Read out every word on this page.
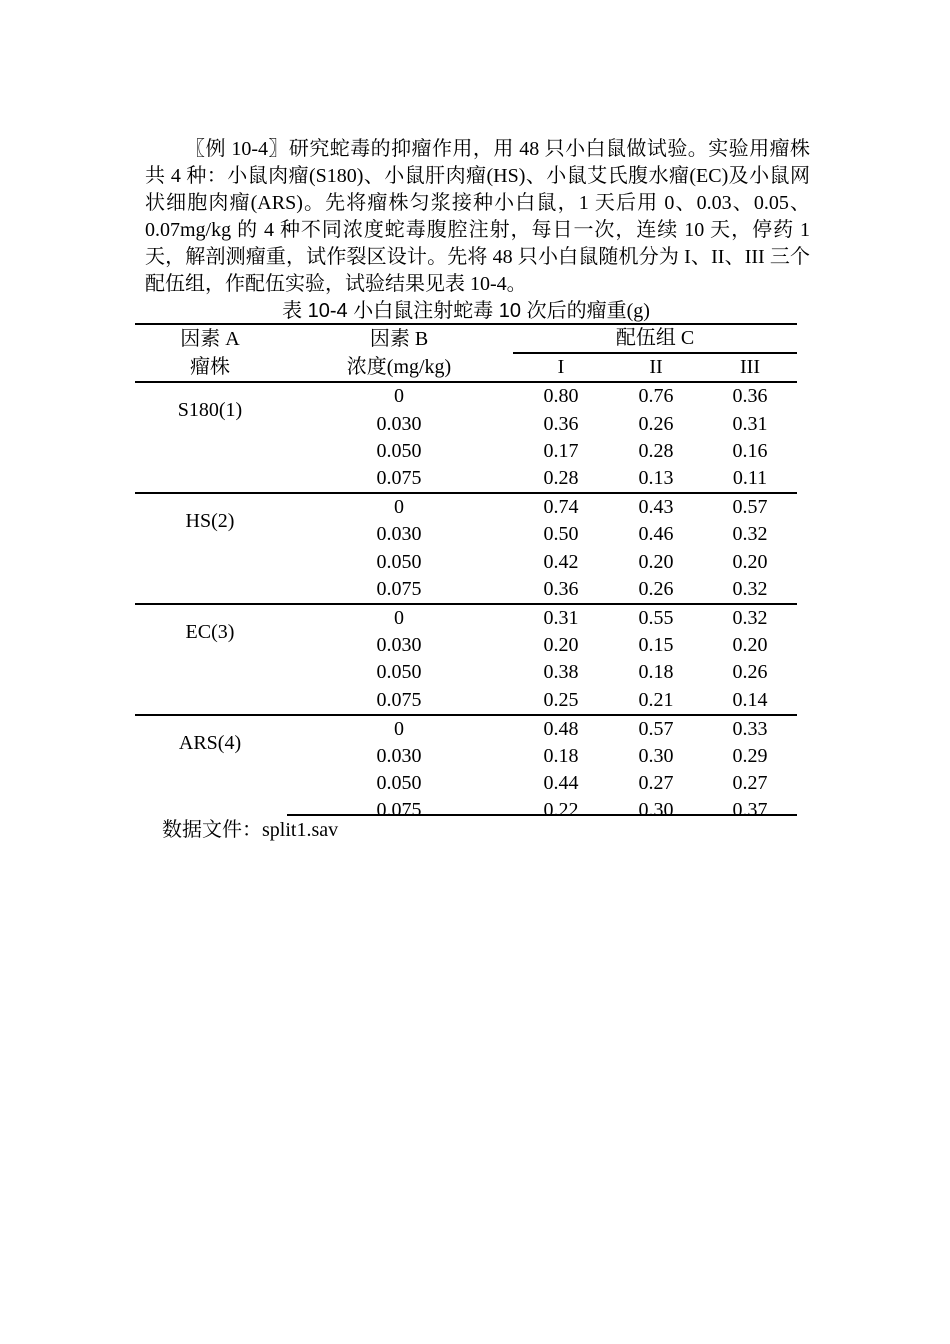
〖例 10-4〗研究蛇毒的抑瘤作用，用 48 只小白鼠做试验。实验用瘤株共 4 种：小鼠肉瘤(S180)、小鼠肝肉瘤(HS)、小鼠艾氏腹水瘤(EC)及小鼠网状细胞肉瘤(ARS)。先将瘤株匀浆接种小白鼠，1 天后用 0、0.03、0.05、0.07mg/kg 的 4 种不同浓度蛇毒腹腔注射，每日一次，连续 10 天，停药 1 天，解剖测瘤重，试作裂区设计。先将 48 只小白鼠随机分为 I、II、III 三个配伍组，作配伍实验，试验结果见表 10-4。

表 10-4 小白鼠注射蛇毒 10 次后的瘤重(g)
因素 A	因素 B	配伍组 C		
瘤株	浓度(mg/kg)	I	II	III
S180(1)	0	0.80	0.76	0.36
	0.030	0.36	0.26	0.31
	0.050	0.17	0.28	0.16
	0.075	0.28	0.13	0.11
HS(2)	0	0.74	0.43	0.57
	0.030	0.50	0.46	0.32
	0.050	0.42	0.20	0.20
	0.075	0.36	0.26	0.32
EC(3)	0	0.31	0.55	0.32
	0.030	0.20	0.15	0.20
	0.050	0.38	0.18	0.26
	0.075	0.25	0.21	0.14
ARS(4)	0	0.48	0.57	0.33
	0.030	0.18	0.30	0.29
	0.050	0.44	0.27	0.27
	0.075	0.22	0.30	0.37
数据文件：split1.sav
